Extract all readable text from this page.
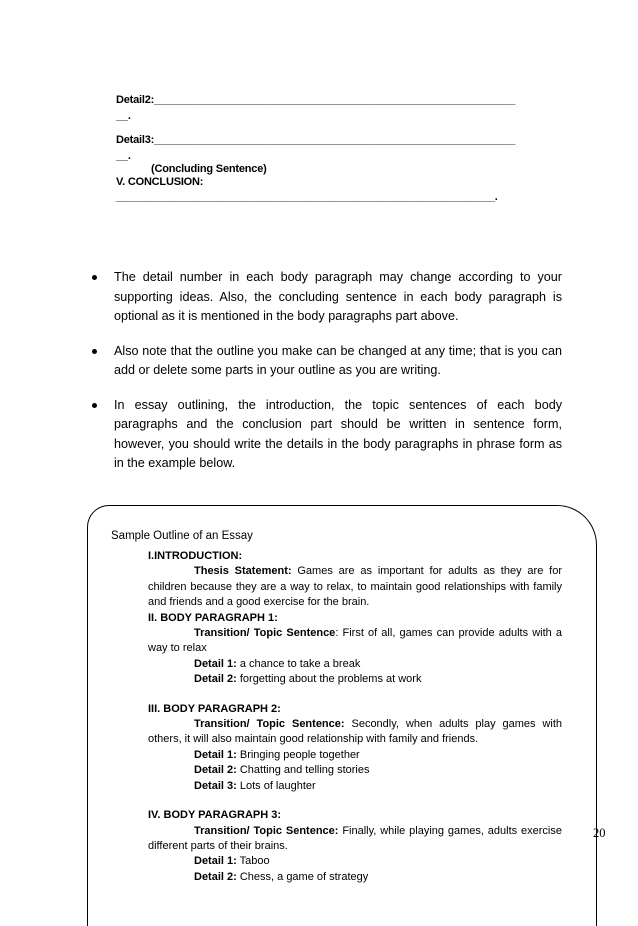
Detail2:_____________________________________________________________
__.
Detail3:_____________________________________________________________
__.
(Concluding Sentence)
V. CONCLUSION:
________________________________________________________________.
The detail number in each body paragraph may change according to your supporting ideas. Also, the concluding sentence in each body paragraph is optional as it is mentioned in the body paragraphs part above.
Also note that the outline you make can be changed at any time; that is you can add or delete some parts in your outline as you are writing.
In essay outlining, the introduction, the topic sentences of each body paragraphs and the conclusion part should be written in sentence form, however, you should write the details in the body paragraphs in phrase form as in the example below.
Sample Outline of an Essay

I.INTRODUCTION:

Thesis Statement: Games are as important for adults as they are for children because they are a way to relax, to maintain good relationships with family and friends and a good exercise for the brain.

II. BODY PARAGRAPH 1:

Transition/ Topic Sentence: First of all, games can provide adults with a way to relax

Detail 1: a chance to take a break

Detail 2: forgetting about the problems at work

III. BODY PARAGRAPH 2:

Transition/ Topic Sentence: Secondly, when adults play games with others, it will also maintain good relationship with family and friends.

Detail 1: Bringing people together

Detail 2: Chatting and telling stories

Detail 3: Lots of laughter

IV. BODY PARAGRAPH 3:

Transition/ Topic Sentence: Finally, while playing games, adults exercise different parts of their brains.

Detail 1: Taboo

Detail 2: Chess, a game of strategy

20
